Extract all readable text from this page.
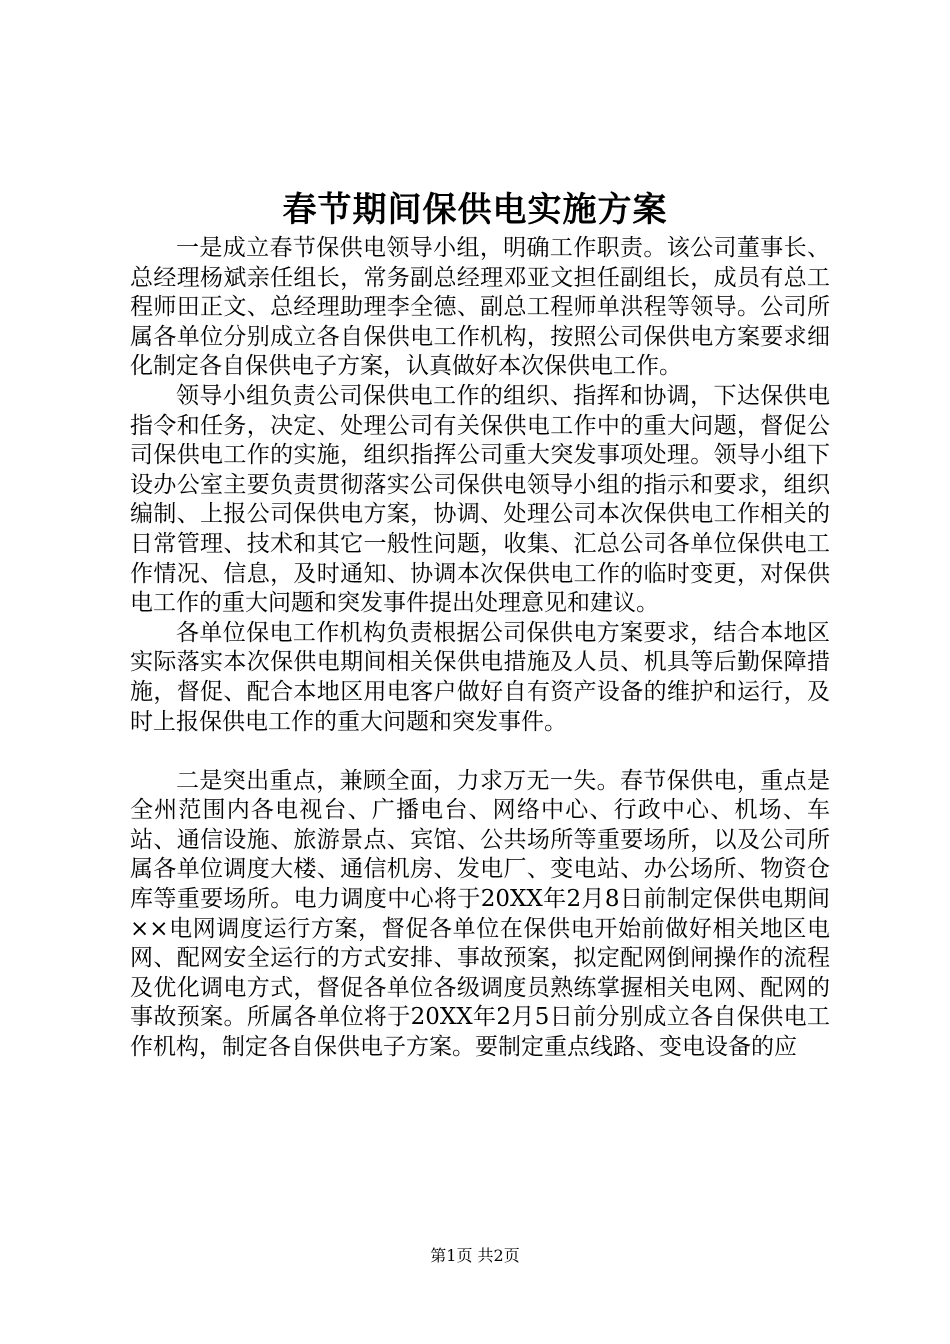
春节期间保供电实施方案

一是成立春节保供电领导小组，明确工作职责。该公司董事长、总经理杨斌亲任组长，常务副总经理邓亚文担任副组长，成员有总工程师田正文、总经理助理李全德、副总工程师单洪程等领导。公司所属各单位分别成立各自保供电工作机构，按照公司保供电方案要求细化制定各自保供电子方案，认真做好本次保供电工作。

领导小组负责公司保供电工作的组织、指挥和协调，下达保供电指令和任务，决定、处理公司有关保供电工作中的重大问题，督促公司保供电工作的实施，组织指挥公司重大突发事项处理。领导小组下设办公室主要负责贯彻落实公司保供电领导小组的指示和要求，组织编制、上报公司保供电方案，协调、处理公司本次保供电工作相关的日常管理、技术和其它一般性问题，收集、汇总公司各单位保供电工作情况、信息，及时通知、协调本次保供电工作的临时变更，对保供电工作的重大问题和突发事件提出处理意见和建议。

各单位保电工作机构负责根据公司保供电方案要求，结合本地区实际落实本次保供电期间相关保供电措施及人员、机具等后勤保障措施，督促、配合本地区用电客户做好自有资产设备的维护和运行，及时上报保供电工作的重大问题和突发事件。

二是突出重点，兼顾全面，力求万无一失。春节保供电，重点是全州范围内各电视台、广播电台、网络中心、行政中心、机场、车站、通信设施、旅游景点、宾馆、公共场所等重要场所，以及公司所属各单位调度大楼、通信机房、发电厂、变电站、办公场所、物资仓库等重要场所。电力调度中心将于20XX年2月8日前制定保供电期间××电网调度运行方案，督促各单位在保供电开始前做好相关地区电网、配网安全运行的方式安排、事故预案，拟定配网倒闸操作的流程及优化调电方式，督促各单位各级调度员熟练掌握相关电网、配网的事故预案。所属各单位将于20XX年2月5日前分别成立各自保供电工作机构，制定各自保供电子方案。要制定重点线路、变电设备的应

第1页 共2页
